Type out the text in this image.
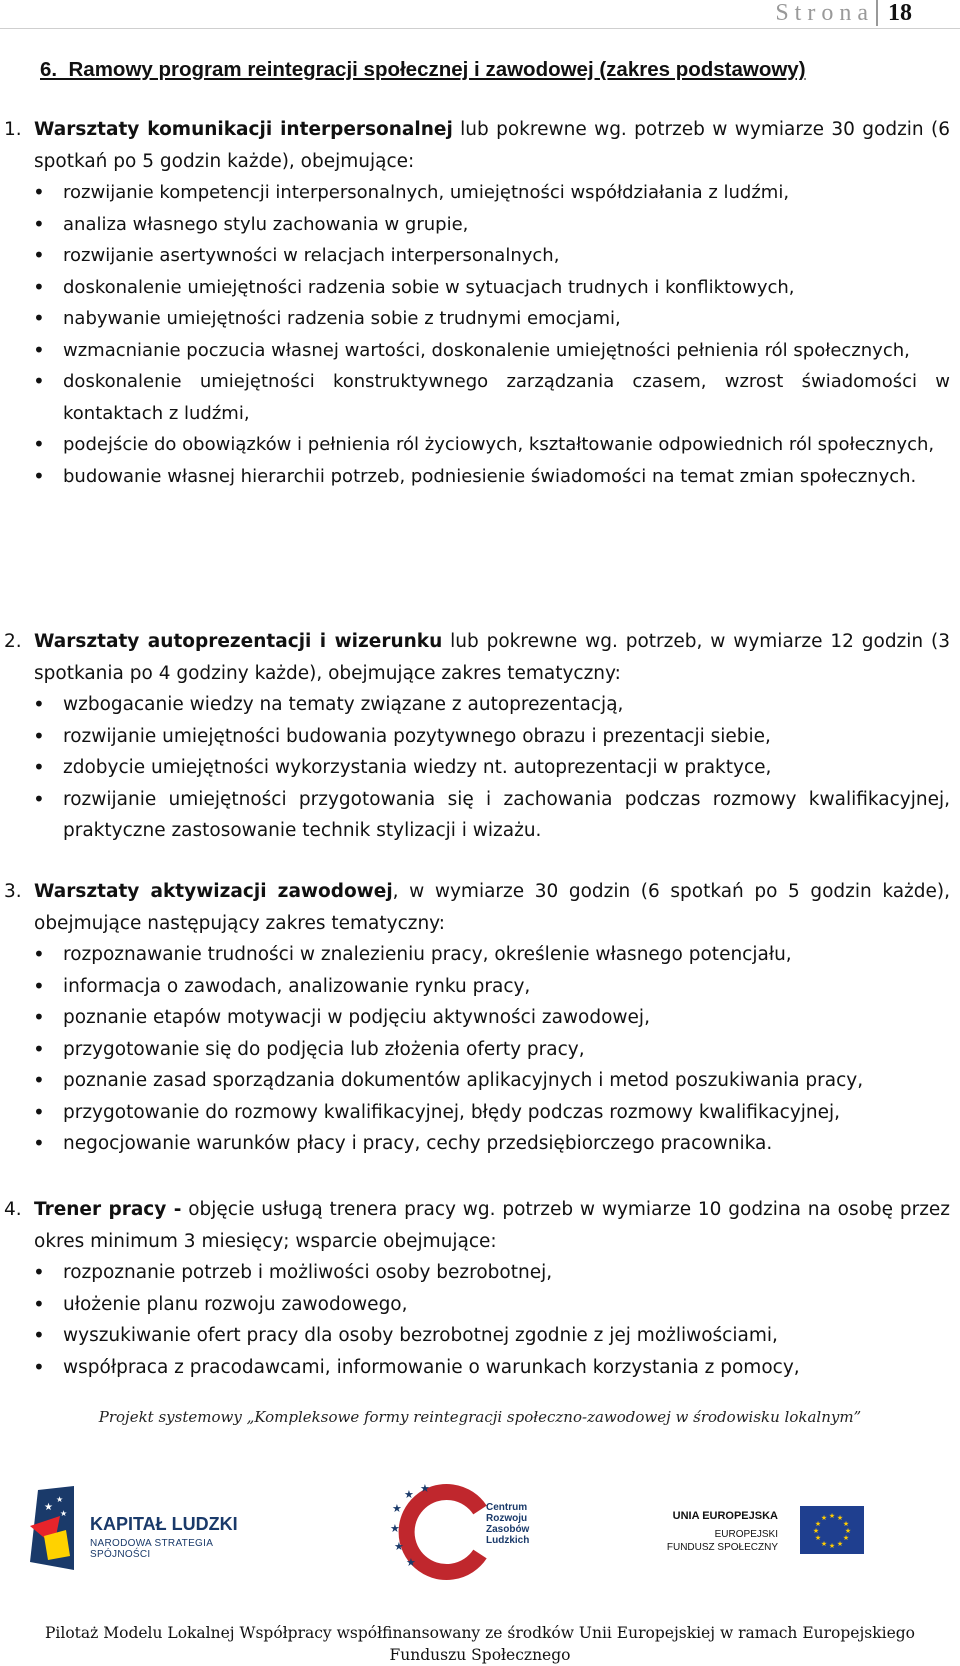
Strona 18
6.  Ramowy program reintegracji społecznej i zawodowej (zakres podstawowy)
1. Warsztaty komunikacji interpersonalnej lub pokrewne wg. potrzeb w wymiarze 30 godzin (6 spotkań po 5 godzin każde), obejmujące:
• rozwijanie kompetencji interpersonalnych, umiejętności współdziałania z ludźmi,
• analiza własnego stylu zachowania w grupie,
• rozwijanie asertywności w relacjach interpersonalnych,
• doskonalenie umiejętności radzenia sobie w sytuacjach trudnych i konfliktowych,
• nabywanie umiejętności radzenia sobie z trudnymi emocjami,
• wzmacnianie poczucia własnej wartości, doskonalenie umiejętności pełnienia ról społecznych,
• doskonalenie umiejętności konstruktywnego zarządzania czasem, wzrost świadomości w kontaktach z ludźmi,
• podejście do obowiązków i pełnienia ról życiowych, kształtowanie odpowiednich ról społecznych,
• budowanie własnej hierarchii potrzeb, podniesienie świadomości na temat zmian społecznych.
2. Warsztaty autoprezentacji i wizerunku lub pokrewne wg. potrzeb, w wymiarze 12 godzin (3 spotkania po 4 godziny każde), obejmujące zakres tematyczny:
• wzbogacanie wiedzy na tematy związane z autoprezentacją,
• rozwijanie umiejętności budowania pozytywnego obrazu i prezentacji siebie,
• zdobycie umiejętności wykorzystania wiedzy nt. autoprezentacji w praktyce,
• rozwijanie umiejętności przygotowania się i zachowania podczas rozmowy kwalifikacyjnej, praktyczne zastosowanie technik stylizacji i wizażu.
3. Warsztaty aktywizacji zawodowej, w wymiarze 30 godzin (6 spotkań po 5 godzin każde), obejmujące następujący zakres tematyczny:
• rozpoznawanie trudności w znalezieniu pracy, określenie własnego potencjału,
• informacja o zawodach, analizowanie rynku pracy,
• poznanie etapów motywacji w podjęciu aktywności zawodowej,
• przygotowanie się do podjęcia lub złożenia oferty pracy,
• poznanie zasad sporządzania dokumentów aplikacyjnych i metod poszukiwania pracy,
• przygotowanie do rozmowy kwalifikacyjnej, błędy podczas rozmowy kwalifikacyjnej,
• negocjowanie warunków płacy i pracy, cechy przedsiębiorczego pracownika.
4. Trener pracy - objęcie usługą trenera pracy wg. potrzeb w wymiarze 10 godzina na osobę przez okres minimum 3 miesięcy; wsparcie obejmujące:
• rozpoznanie potrzeb i możliwości osoby bezrobotnej,
• ułożenie planu rozwoju zawodowego,
• wyszukiwanie ofert pracy dla osoby bezrobotnej zgodnie z jej możliwościami,
• współpraca z pracodawcami, informowanie o warunkach korzystania z pomocy,
Projekt systemowy „Kompleksowe formy reintegracji społeczno-zawodowej w środowisku lokalnym”
★
★
★
KAPITAŁ LUDZKI
NARODOWA STRATEGIA SPÓJNOŚCI
★ ★
★
★
★
★
Centrum
Rozwoju
Zasobów
Ludzkich
UNIA EUROPEJSKA
EUROPEJSKI
FUNDUSZ SPOŁECZNY
★ ★
★
★
★
★
★
★
★
★
★
★
Pilotaż Modelu Lokalnej Współpracy współfinansowany ze środków Unii Europejskiej w ramach Europejskiego
Funduszu Społecznego
